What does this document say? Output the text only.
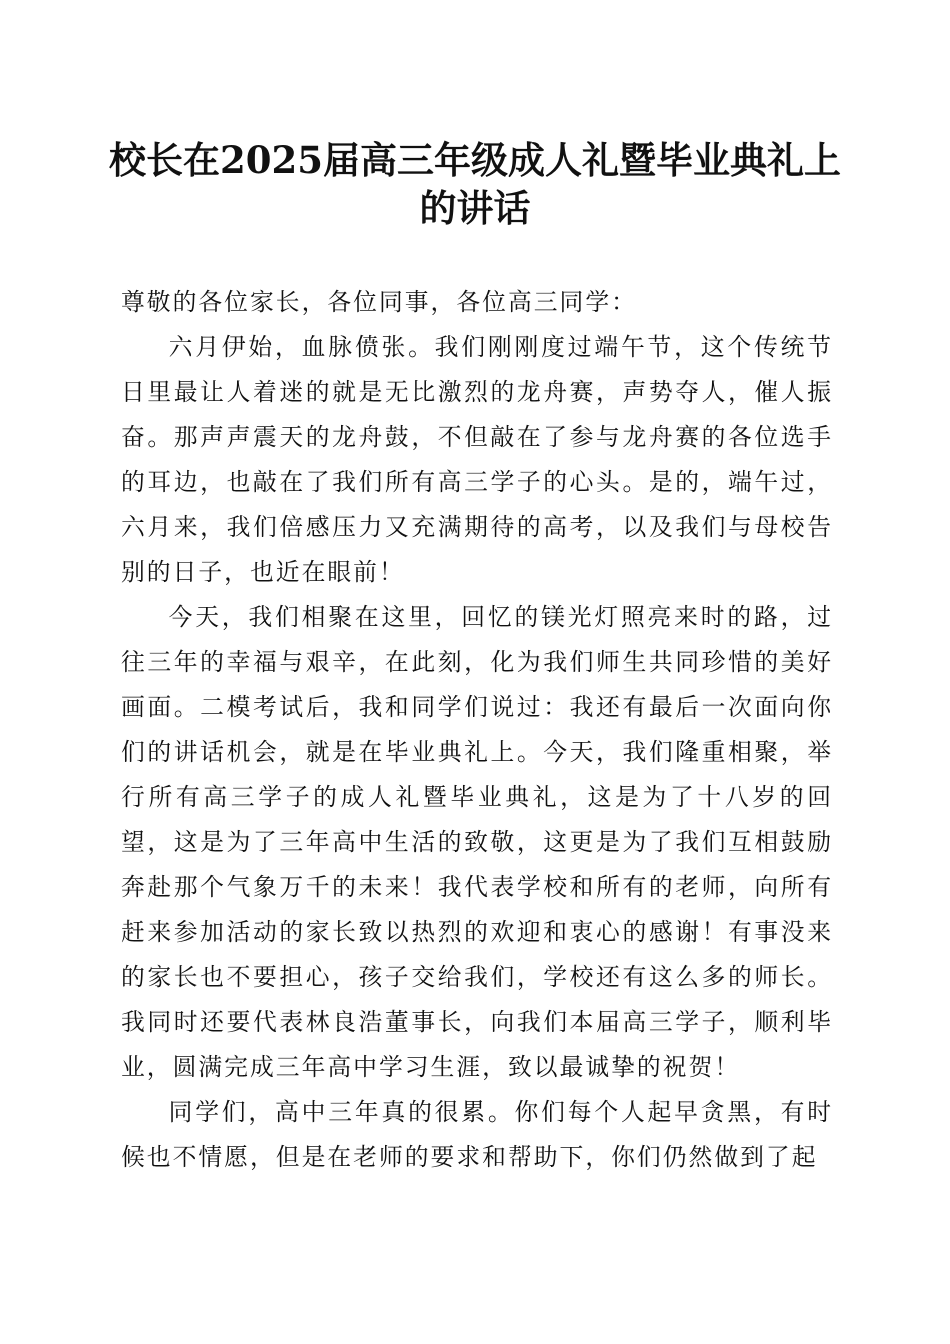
校长在2025届高三年级成人礼暨毕业典礼上
的讲话

尊敬的各位家长，各位同事，各位高三同学：

六月伊始，血脉偾张。我们刚刚度过端午节，这个传统节日里最让人着迷的就是无比激烈的龙舟赛，声势夺人，催人振奋。那声声震天的龙舟鼓，不但敲在了参与龙舟赛的各位选手的耳边，也敲在了我们所有高三学子的心头。是的，端午过，六月来，我们倍感压力又充满期待的高考，以及我们与母校告别的日子，也近在眼前！

今天，我们相聚在这里，回忆的镁光灯照亮来时的路，过往三年的幸福与艰辛，在此刻，化为我们师生共同珍惜的美好画面。二模考试后，我和同学们说过：我还有最后一次面向你们的讲话机会，就是在毕业典礼上。今天，我们隆重相聚，举行所有高三学子的成人礼暨毕业典礼，这是为了十八岁的回望，这是为了三年高中生活的致敬，这更是为了我们互相鼓励奔赴那个气象万千的未来！我代表学校和所有的老师，向所有赶来参加活动的家长致以热烈的欢迎和衷心的感谢！有事没来的家长也不要担心，孩子交给我们，学校还有这么多的师长。我同时还要代表林良浩董事长，向我们本届高三学子，顺利毕业，圆满完成三年高中学习生涯，致以最诚挚的祝贺！

同学们，高中三年真的很累。你们每个人起早贪黑，有时候也不情愿，但是在老师的要求和帮助下，你们仍然做到了起
